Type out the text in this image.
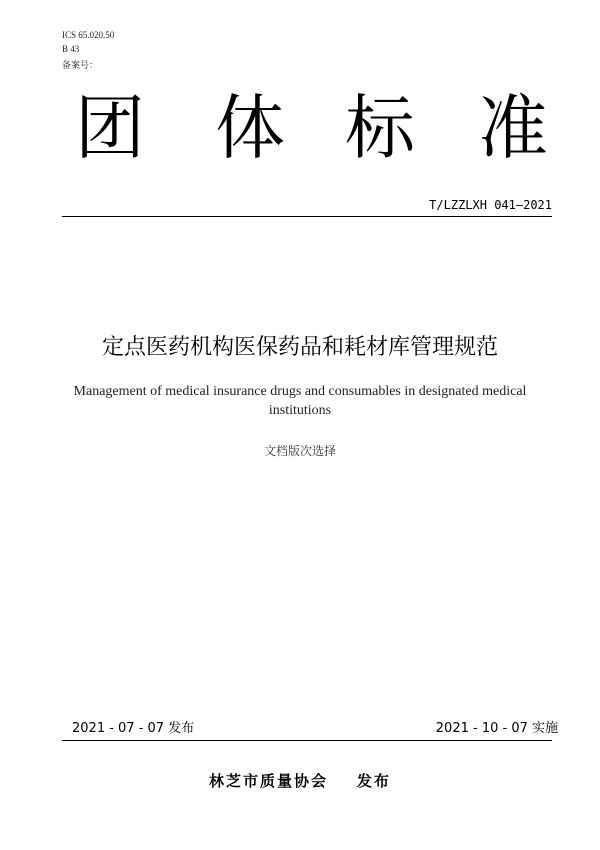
ICS 65.020.50
B 43
备案号：
团 体 标 准
T/LZZLXH 041—2021
定点医药机构医保药品和耗材库管理规范
Management of medical insurance drugs and consumables in designated medical institutions
文档版次选择
2021 - 07 - 07 发布	2021 - 10 - 07 实施
林芝市质量协会    发布
